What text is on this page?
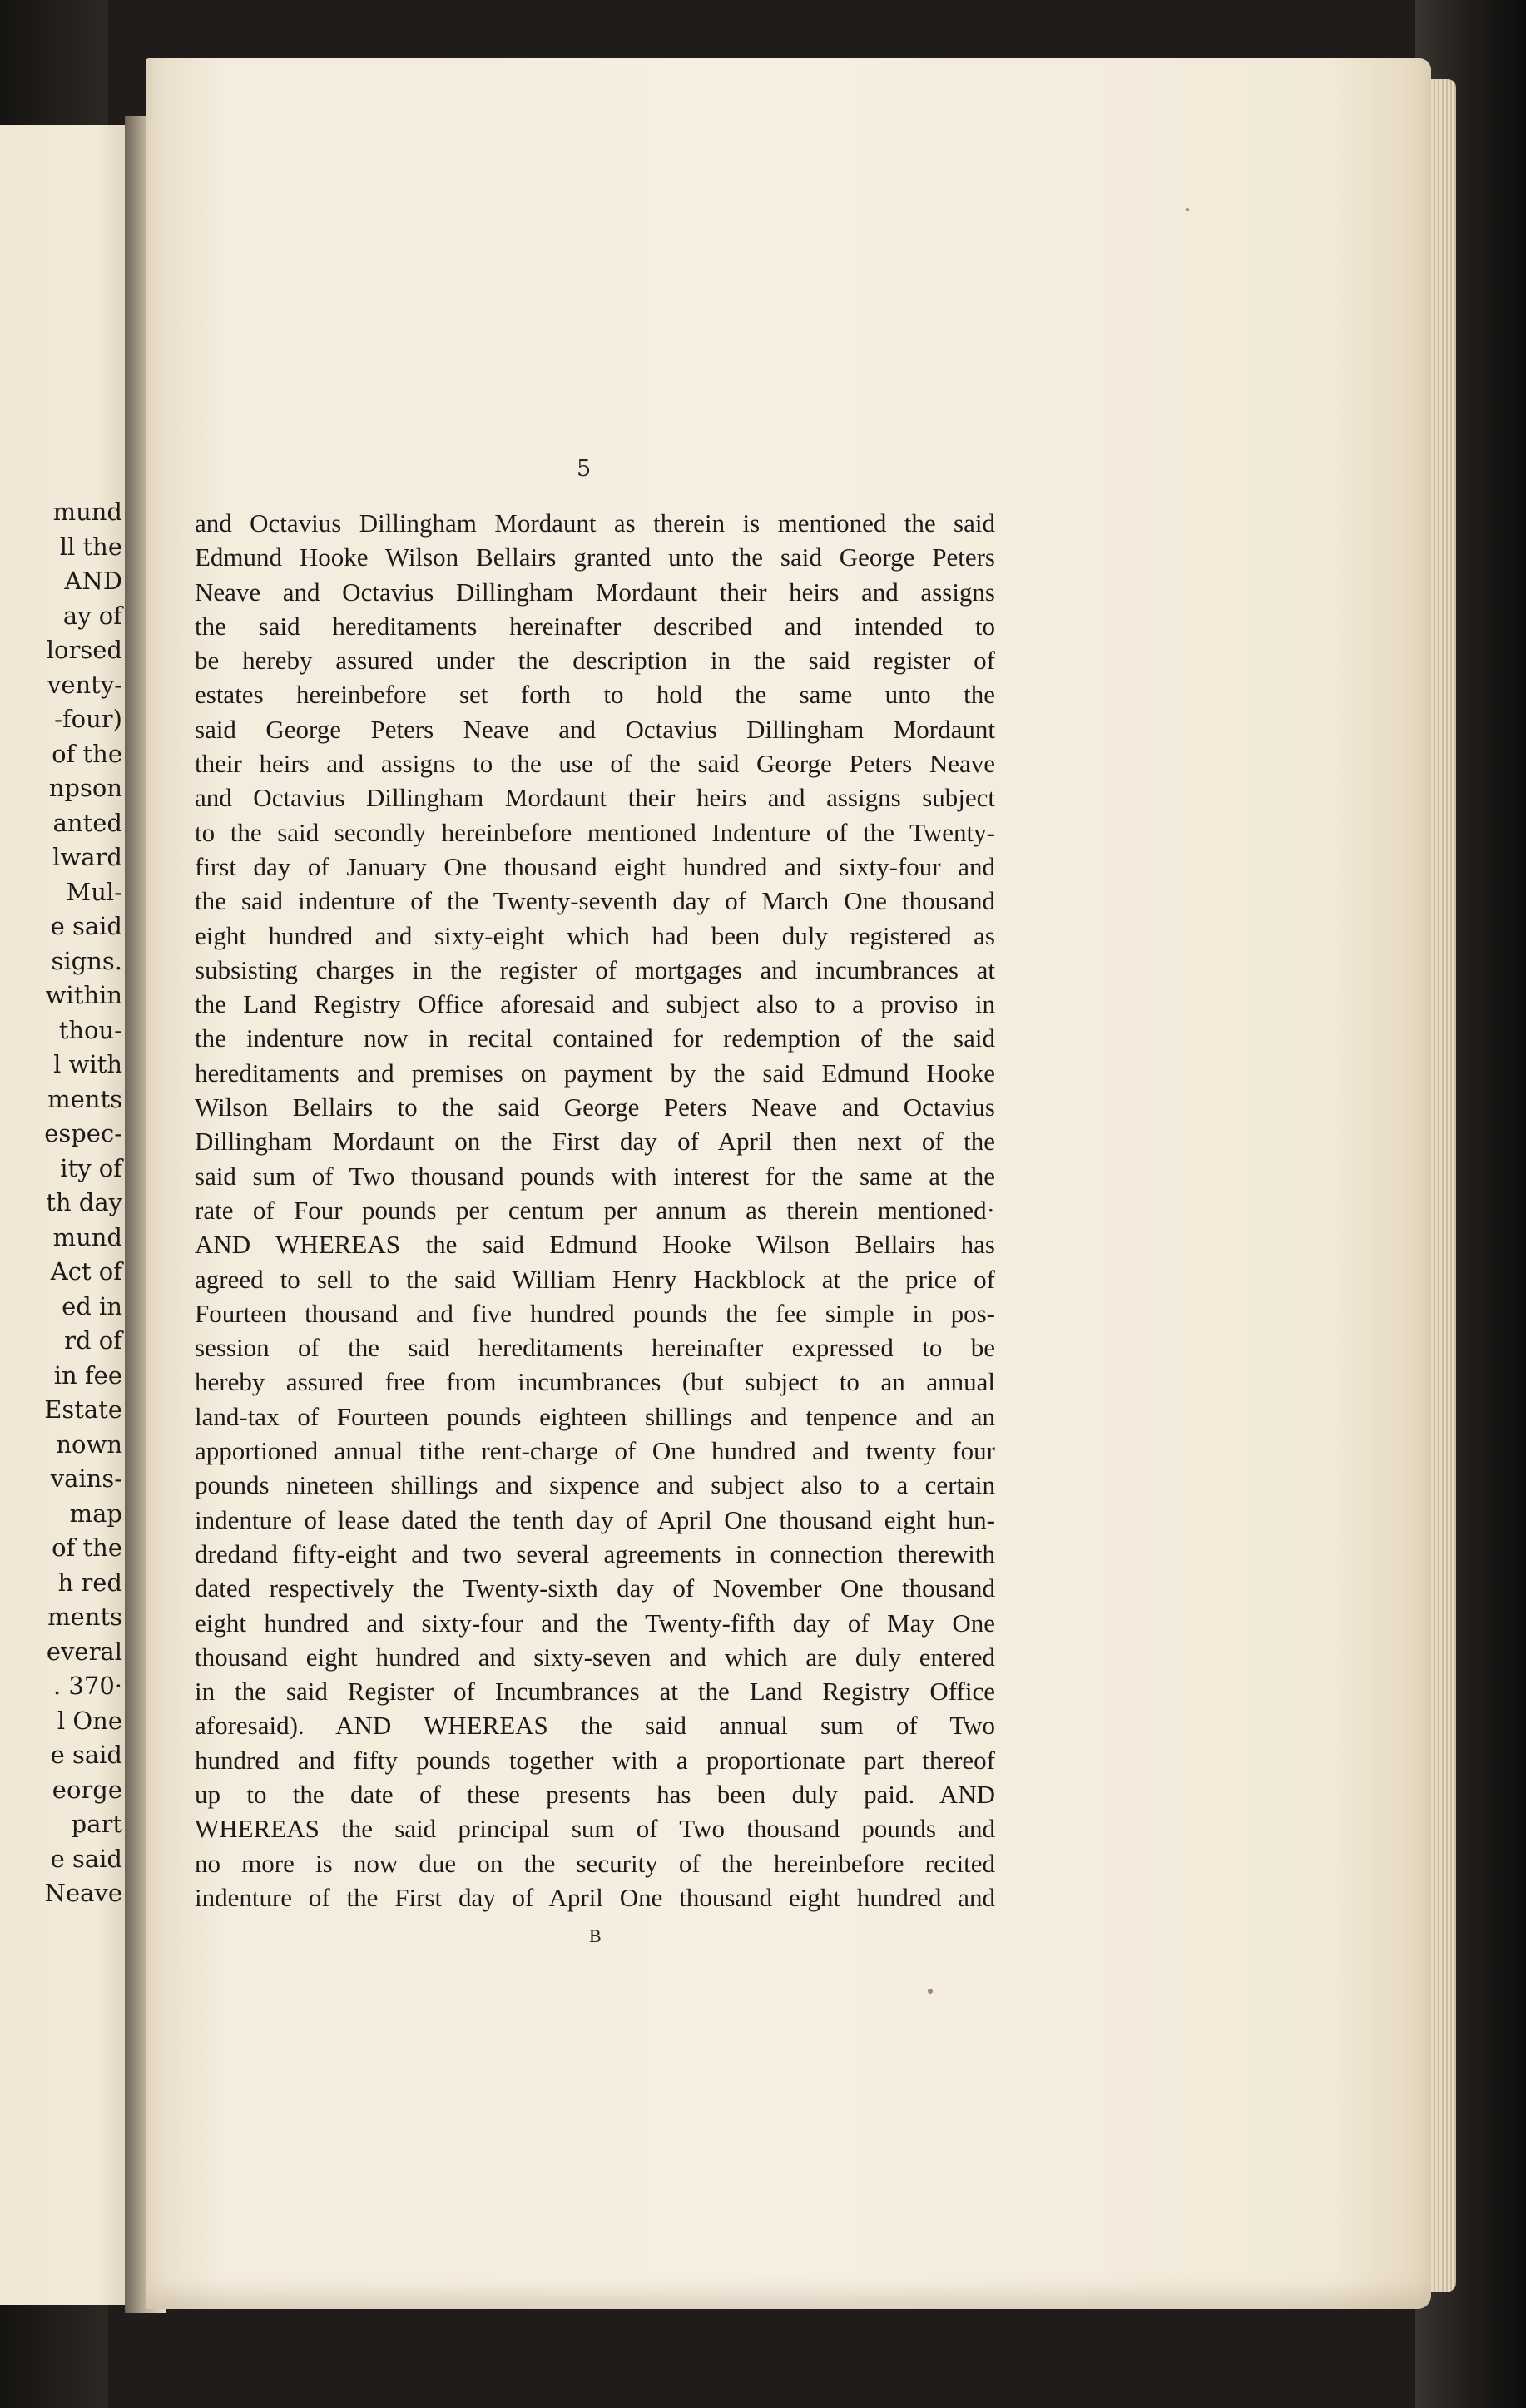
mund
ll the
AND
ay of
lorsed
venty-
-four)
of the
npson
anted
lward
Mul-
e said
signs.
within
thou-
l with
ments
espec-
ity of
th day
mund
Act of
ed in
rd of
in fee
Estate
nown
vains-
map
of the
h red
ments
everal
. 370·
l One
e said
eorge
part
e said
Neave
5
and Octavius Dillingham Mordaunt as therein is mentioned the said
Edmund Hooke Wilson Bellairs granted unto the said George Peters
Neave and Octavius Dillingham Mordaunt their heirs and assigns
the said hereditaments hereinafter described and intended to
be hereby assured under the description in the said register of
estates hereinbefore set forth to hold the same unto the
said George Peters Neave and Octavius Dillingham Mordaunt
their heirs and assigns to the use of the said George Peters Neave
and Octavius Dillingham Mordaunt their heirs and assigns subject
to the said secondly hereinbefore mentioned Indenture of the Twenty-
first day of January One thousand eight hundred and sixty-four and
the said indenture of the Twenty-seventh day of March One thousand
eight hundred and sixty-eight which had been duly registered as
subsisting charges in the register of mortgages and incumbrances at
the Land Registry Office aforesaid and subject also to a proviso in
the indenture now in recital contained for redemption of the said
hereditaments and premises on payment by the said Edmund Hooke
Wilson Bellairs to the said George Peters Neave and Octavius
Dillingham Mordaunt on the First day of April then next of the
said sum of Two thousand pounds with interest for the same at the
rate of Four pounds per centum per annum as therein mentioned·
AND WHEREAS the said Edmund Hooke Wilson Bellairs has
agreed to sell to the said William Henry Hackblock at the price of
Fourteen thousand and five hundred pounds the fee simple in pos-
session of the said hereditaments hereinafter expressed to be
hereby assured free from incumbrances (but subject to an annual
land-tax of Fourteen pounds eighteen shillings and tenpence and an
apportioned annual tithe rent-charge of One hundred and twenty four
pounds nineteen shillings and sixpence and subject also to a certain
indenture of lease dated the tenth day of April One thousand eight hun-
dredand fifty-eight and two several agreements in connection therewith
dated respectively the Twenty-sixth day of November One thousand
eight hundred and sixty-four and the Twenty-fifth day of May One
thousand eight hundred and sixty-seven and which are duly entered
in the said Register of Incumbrances at the Land Registry Office
aforesaid). AND WHEREAS the said annual sum of Two
hundred and fifty pounds together with a proportionate part thereof
up to the date of these presents has been duly paid. AND
WHEREAS the said principal sum of Two thousand pounds and
no more is now due on the security of the hereinbefore recited
indenture of the First day of April One thousand eight hundred and
B
